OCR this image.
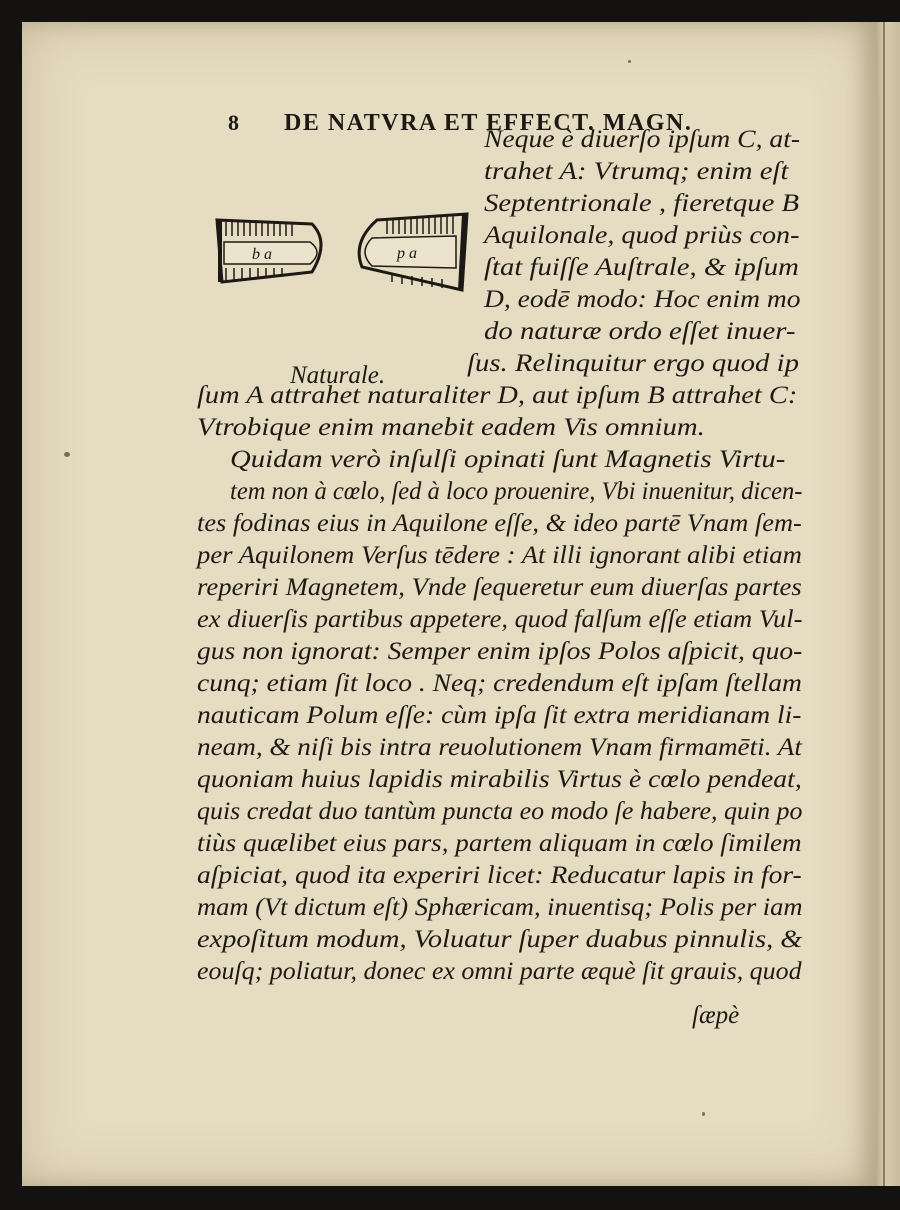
8 DE NATVRA ET EFFECT. MAGN.
b a	p a
Naturale.
Neque è diuerſo ipſum C, at-
trahet A: Vtrumq; enim eſt
Septentrionale , fieretque B
Aquilonale, quod priùs con-
ſtat fuiſſe Auſtrale, & ipſum
D, eodē modo: Hoc enim mo
do naturæ ordo eſſet inuer-
ſus. Relinquitur ergo quod ip
ſum A attrahet naturaliter D, aut ipſum B attrahet C:
Vtrobique enim manebit eadem Vis omnium.
Quidam verò inſulſi opinati ſunt Magnetis Virtu-
tem non à cœlo, ſed à loco prouenire, Vbi inuenitur, dicen-
tes fodinas eius in Aquilone eſſe, & ideo partē Vnam ſem-
per Aquilonem Verſus tēdere : At illi ignorant alibi etiam
reperiri Magnetem, Vnde ſequeretur eum diuerſas partes
ex diuerſis partibus appetere, quod falſum eſſe etiam Vul-
gus non ignorat: Semper enim ipſos Polos aſpicit, quo-
cunq; etiam ſit loco . Neq; credendum eſt ipſam ſtellam
nauticam Polum eſſe: cùm ipſa ſit extra meridianam li-
neam, & niſi bis intra reuolutionem Vnam firmamēti. At
quoniam huius lapidis mirabilis Virtus è cœlo pendeat,
quis credat duo tantùm puncta eo modo ſe habere, quin po
tiùs quælibet eius pars, partem aliquam in cœlo ſimilem
aſpiciat, quod ita experiri licet: Reducatur lapis in for-
mam (Vt dictum eſt) Sphæricam, inuentisq; Polis per iam
expoſitum modum, Voluatur ſuper duabus pinnulis, &
eouſq; poliatur, donec ex omni parte æquè ſit grauis, quod
ſæpè
